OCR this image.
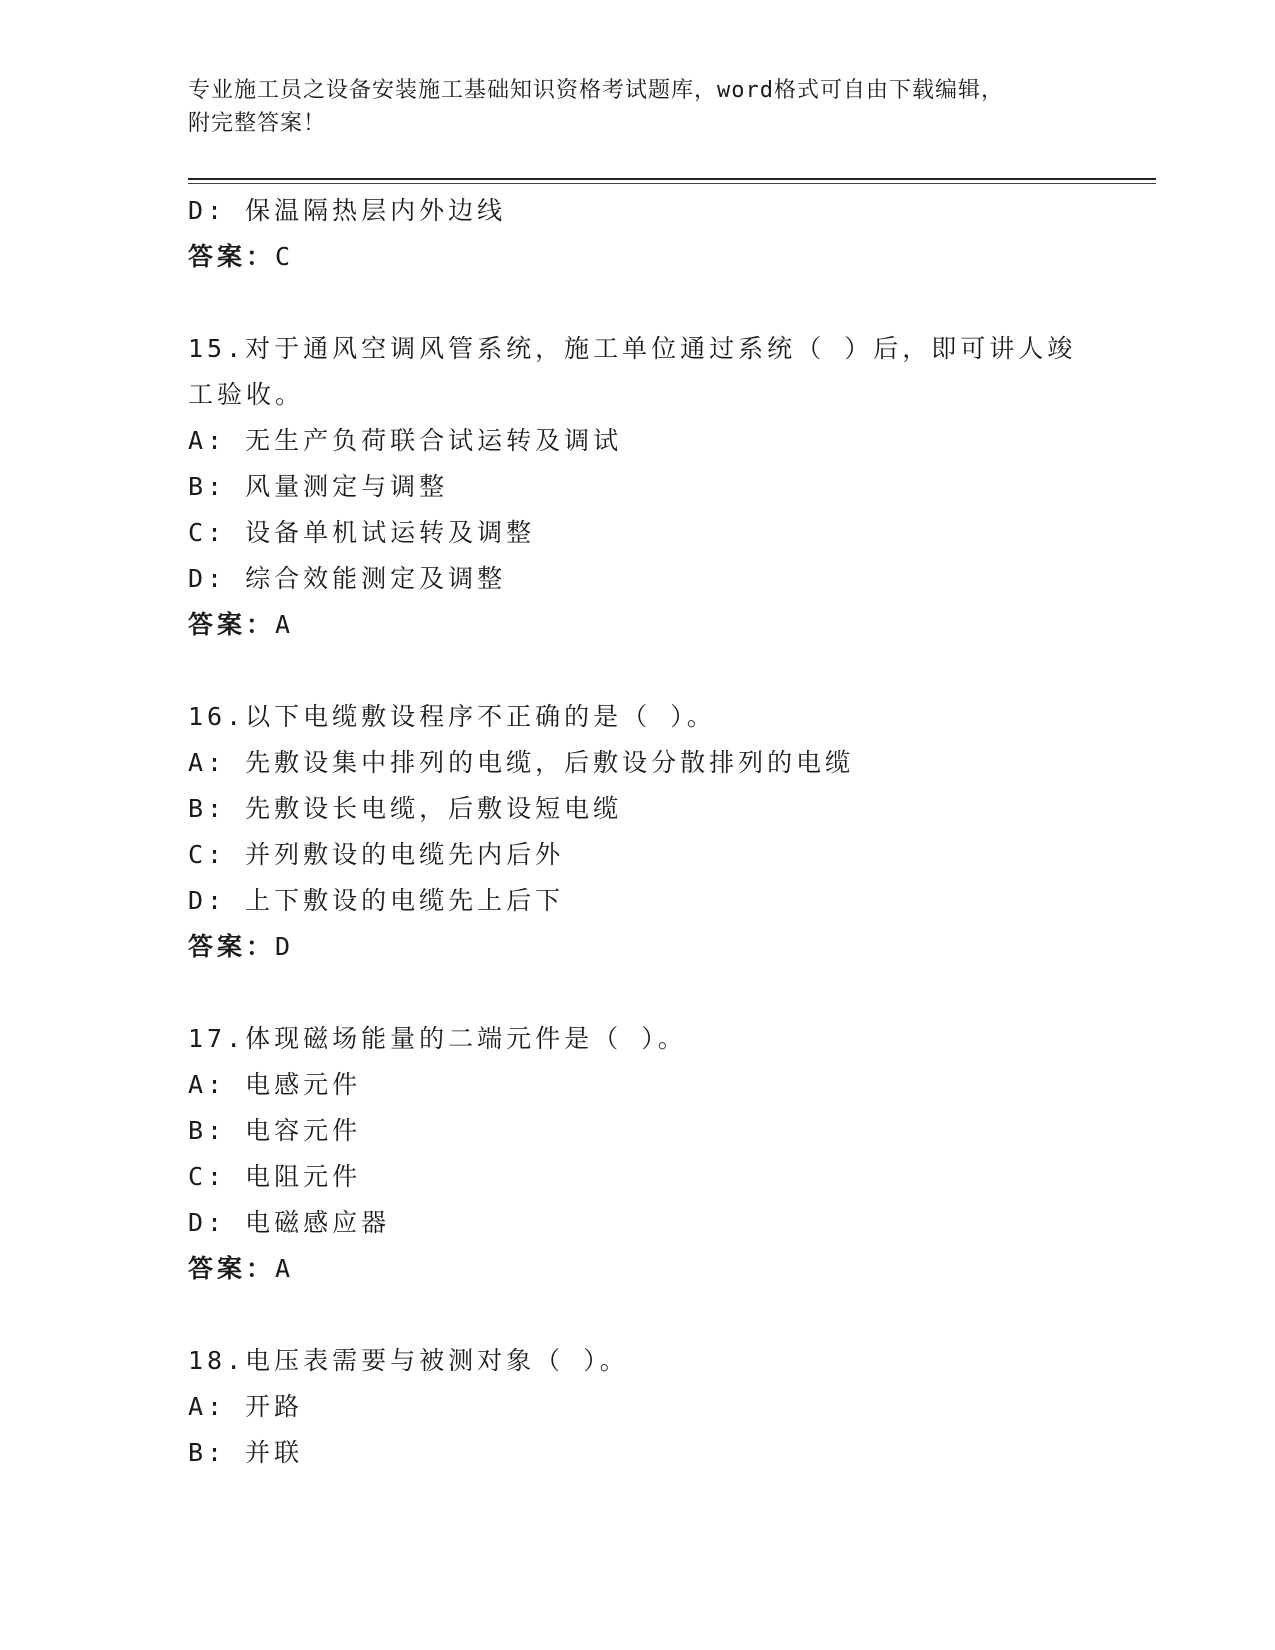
专业施工员之设备安装施工基础知识资格考试题库，word格式可自由下载编辑，
附完整答案！
D: 保温隔热层内外边线
答案：C
15.对于通风空调风管系统，施工单位通过系统（ ）后，即可讲人竣
工验收。
A: 无生产负荷联合试运转及调试
B: 风量测定与调整
C: 设备单机试运转及调整
D: 综合效能测定及调整
答案：A
16.以下电缆敷设程序不正确的是（ ）。
A: 先敷设集中排列的电缆，后敷设分散排列的电缆
B: 先敷设长电缆，后敷设短电缆
C: 并列敷设的电缆先内后外
D: 上下敷设的电缆先上后下
答案：D
17.体现磁场能量的二端元件是（ ）。
A: 电感元件
B: 电容元件
C: 电阻元件
D: 电磁感应器
答案：A
18.电压表需要与被测对象（ ）。
A: 开路
B: 并联
